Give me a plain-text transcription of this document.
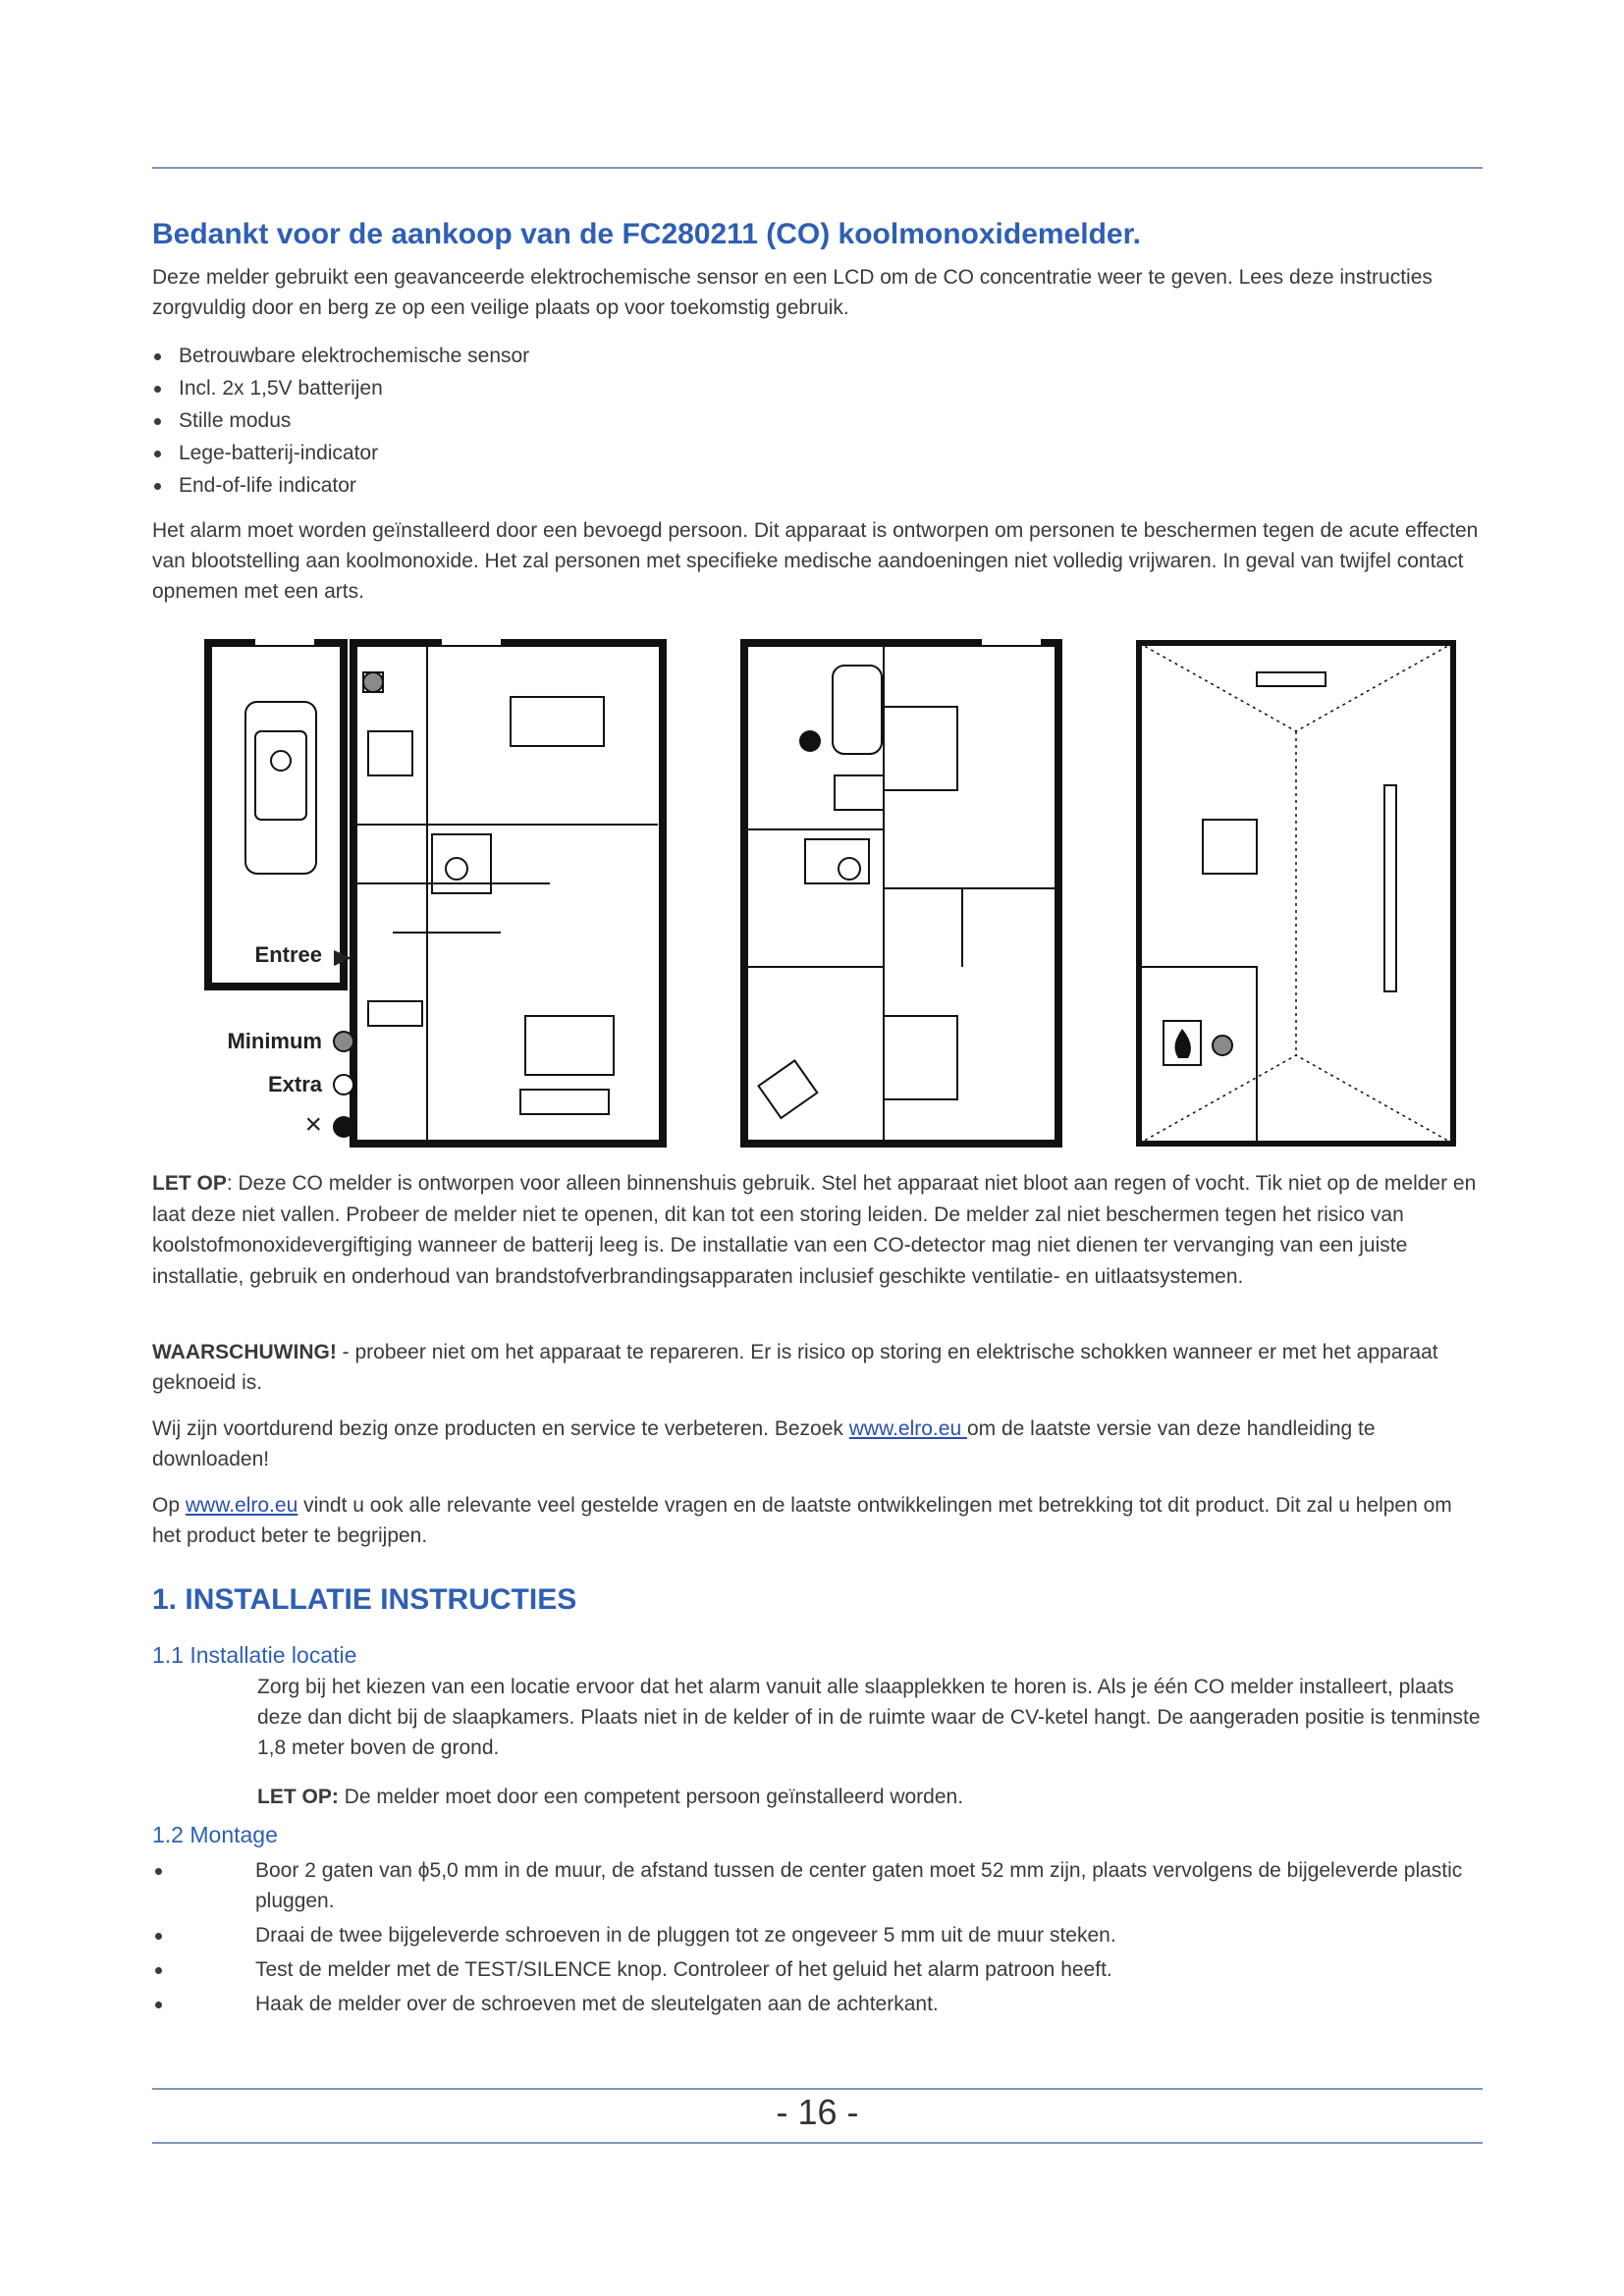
Bedankt voor de aankoop van de FC280211 (CO) koolmonoxidemelder.

Deze melder gebruikt een geavanceerde elektrochemische sensor en een LCD om de CO concentratie weer te geven. Lees deze instructies zorgvuldig door en berg ze op een veilige plaats op voor toekomstig gebruik.

Betrouwbare elektrochemische sensor
Incl. 2x 1,5V batterijen
Stille modus
Lege-batterij-indicator
End-of-life indicator

Het alarm moet worden geïnstalleerd door een bevoegd persoon. Dit apparaat is ontworpen om personen te beschermen tegen de acute effecten van blootstelling aan koolmonoxide. Het zal personen met specifieke medische aandoeningen niet volledig vrijwaren. In geval van twijfel contact opnemen met een arts.

Entree
Minimum
Extra
×

LET OP: Deze CO melder is ontworpen voor alleen binnenshuis gebruik. Stel het apparaat niet bloot aan regen of vocht. Tik niet op de melder en laat deze niet vallen. Probeer de melder niet te openen, dit kan tot een storing leiden. De melder zal niet beschermen tegen het risico van koolstofmonoxidevergiftiging wanneer de batterij leeg is. De installatie van een CO-detector mag niet dienen ter vervanging van een juiste installatie, gebruik en onderhoud van brandstofverbrandingsapparaten inclusief geschikte ventilatie- en uitlaatsystemen.

WAARSCHUWING! - probeer niet om het apparaat te repareren. Er is risico op storing en elektrische schokken wanneer er met het apparaat geknoeid is.

Wij zijn voortdurend bezig onze producten en service te verbeteren. Bezoek www.elro.eu om de laatste versie van deze handleiding te downloaden!

Op www.elro.eu vindt u ook alle relevante veel gestelde vragen en de laatste ontwikkelingen met betrekking tot dit product. Dit zal u helpen om het product beter te begrijpen.

1. INSTALLATIE INSTRUCTIES
1.1 Installatie locatie

Zorg bij het kiezen van een locatie ervoor dat het alarm vanuit alle slaapplekken te horen is. Als je één CO melder installeert, plaats deze dan dicht bij de slaapkamers. Plaats niet in de kelder of in de ruimte waar de CV-ketel hangt. De aangeraden positie is tenminste 1,8 meter boven de grond.

LET OP: De melder moet door een competent persoon geïnstalleerd worden.

1.2 Montage
Boor 2 gaten van ϕ5,0 mm in de muur, de afstand tussen de center gaten moet 52 mm zijn, plaats vervolgens de bijgeleverde plastic pluggen.
Draai de twee bijgeleverde schroeven in de pluggen tot ze ongeveer 5 mm uit de muur steken.
Test de melder met de TEST/SILENCE knop. Controleer of het geluid het alarm patroon heeft.
Haak de melder over de schroeven met de sleutelgaten aan de achterkant.
- 16 -
